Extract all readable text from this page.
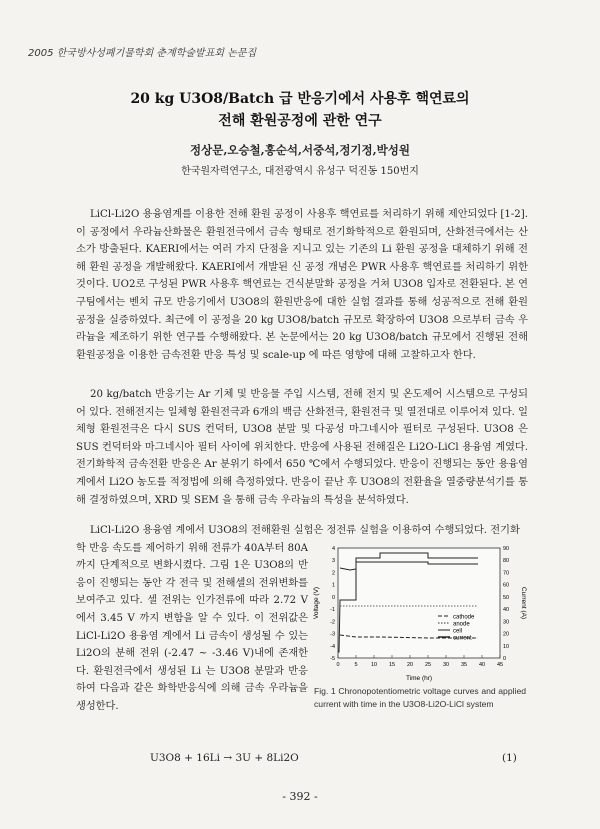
2005 한국방사성폐기물학회 춘계학술발표회 논문집
20 kg U3O8/Batch 급 반응기에서 사용후 핵연료의
전해 환원공정에 관한 연구
정상문,오승철,홍순석,서중석,정기정,박성원
한국원자력연구소, 대전광역시 유성구 덕진동 150번지
LiCl-Li2O 용융염계를 이용한 전해 환원 공정이 사용후 핵연료를 처리하기 위해 제안되었다 [1-2]. 이 공정에서 우라늄산화물은 환원전극에서 금속 형태로 전기화학적으로 환원되며, 산화전극에서는 산소가 방출된다. KAERI에서는 여러 가지 단점을 지니고 있는 기존의 Li 환원 공정을 대체하기 위해 전해 환원 공정을 개발해왔다. KAERI에서 개발된 신 공정 개념은 PWR 사용후 핵연료를 처리하기 위한 것이다. UO2로 구성된 PWR 사용후 핵연료는 건식분말화 공정을 거쳐 U3O8 입자로 전환된다. 본 연구팀에서는 벤치 규모 반응기에서 U3O8의 환원반응에 대한 실험 결과를 통해 성공적으로 전해 환원 공정을 실증하였다. 최근에 이 공정을 20 kg U3O8/batch 규모로 확장하여 U3O8 으로부터 금속 우라늄을 제조하기 위한 연구를 수행해왔다. 본 논문에서는 20 kg U3O8/batch 규모에서 진행된 전해 환원공정을 이용한 금속전환 반응 특성 및 scale-up 에 따른 영향에 대해 고찰하고자 한다.
20 kg/batch 반응기는 Ar 기체 및 반응물 주입 시스템, 전해 전지 및 온도제어 시스템으로 구성되어 있다. 전해전지는 일체형 환원전극과 6개의 백금 산화전극, 환원전극 및 열전대로 이루어져 있다. 일체형 환원전극은 다시 SUS 컨덕터, U3O8 분말 및 다공성 마그네시아 필터로 구성된다. U3O8 은 SUS 컨덕터와 마그네시아 필터 사이에 위치한다. 반응에 사용된 전해질은 Li2O-LiCl 용융염 계였다. 전기화학적 금속전환 반응은 Ar 분위기 하에서 650 ℃에서 수행되었다. 반응이 진행되는 동안 용융염계에서 Li2O 농도를 적정법에 의해 측정하였다. 반응이 끝난 후 U3O8의 전환율을 열중량분석기를 통해 결정하였으며, XRD 및 SEM 을 통해 금속 우라늄의 특성을 분석하였다.
LiCl-Li2O 용융염 계에서 U3O8의 전해환원 실험은 정전류 실험을 이용하여 수행되었다. 전기화
학 반응 속도를 제어하기 위해 전류가 40A부터 80A 까지 단계적으로 변화시켰다. 그림 1은 U3O8의 반응이 진행되는 동안 각 전극 및 전해셀의 전위변화를 보여주고 있다. 셀 전위는 인가전류에 따라 2.72 V에서 3.45 V 까지 변함을 알 수 있다. 이 전위값은 LiCl-Li2O 용융염 계에서 Li 금속이 생성될 수 있는 Li2O의 분해 전위 (-2.47 ~ -3.46 V)내에 존재한다. 환원전극에서 생성된 Li 는 U3O8 분말과 반응하여 다음과 같은 화학반응식에 의해 금속 우라늄을 생성한다.
0	5 10 15 20 25 30 35 40 45
4
3
2
1
0
-1
-2
-3
-4
-5
90
80
70
60
50
40
30
20
10
0
cathode
anode
cell
current
Voltage (V)	Current (A)
Time (hr)
Fig. 1 Chronopotentiometric voltage curves and applied current with time in the U3O8-Li2O-LiCl system
U3O8 + 16Li → 3U + 8Li2O	(1)
- 392 -
